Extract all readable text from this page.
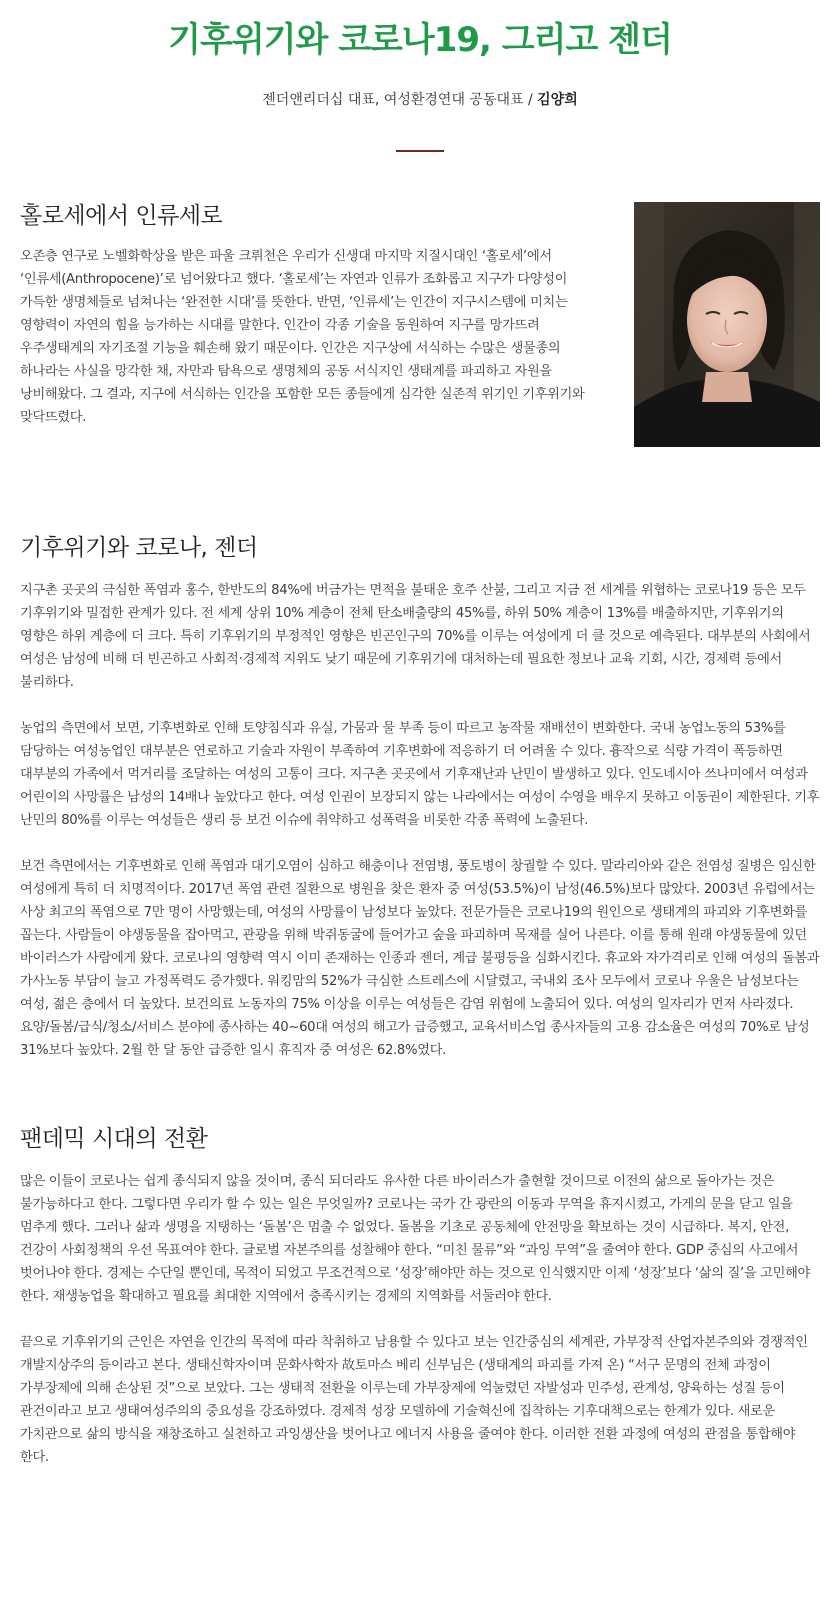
기후위기와 코로나19, 그리고 젠더
젠더앤리더십 대표, 여성환경연대 공동대표 / 김양희
홀로세에서 인류세로

오존층 연구로 노벨화학상을 받은 파울 크뤼천은 우리가 신생대 마지막 지질시대인 ‘홀로세’에서 ‘인류세(Anthropocene)’로 넘어왔다고 했다. ‘홀로세’는 자연과 인류가 조화롭고 지구가 다양성이 가득한 생명체들로 넘쳐나는 ‘완전한 시대’를 뜻한다. 반면, ‘인류세’는 인간이 지구시스템에 미치는 영향력이 자연의 힘을 능가하는 시대를 말한다. 인간이 각종 기술을 동원하여 지구를 망가뜨려 우주생태계의 자기조절 기능을 훼손해 왔기 때문이다. 인간은 지구상에 서식하는 수많은 생물종의 하나라는 사실을 망각한 채, 자만과 탐욕으로 생명체의 공동 서식지인 생태계를 파괴하고 자원을 낭비해왔다. 그 결과, 지구에 서식하는 인간을 포함한 모든 종들에게 심각한 실존적 위기인 기후위기와 맞닥뜨렸다.

기후위기와 코로나, 젠더

지구촌 곳곳의 극심한 폭염과 홍수, 한반도의 84%에 버금가는 면적을 불태운 호주 산불, 그리고 지금 전 세계를 위협하는 코로나19 등은 모두 기후위기와 밀접한 관계가 있다. 전 세계 상위 10% 계층이 전체 탄소배출량의 45%를, 하위 50% 계층이 13%를 배출하지만, 기후위기의 영향은 하위 계층에 더 크다. 특히 기후위기의 부정적인 영향은 빈곤인구의 70%를 이루는 여성에게 더 클 것으로 예측된다. 대부분의 사회에서 여성은 남성에 비해 더 빈곤하고 사회적·경제적 지위도 낮기 때문에 기후위기에 대처하는데 필요한 정보나 교육 기회, 시간, 경제력 등에서 불리하다.

농업의 측면에서 보면, 기후변화로 인해 토양침식과 유실, 가뭄과 물 부족 등이 따르고 농작물 재배선이 변화한다. 국내 농업노동의 53%를 담당하는 여성농업인 대부분은 연로하고 기술과 자원이 부족하여 기후변화에 적응하기 더 어려울 수 있다. 흉작으로 식량 가격이 폭등하면 대부분의 가족에서 먹거리를 조달하는 여성의 고통이 크다. 지구촌 곳곳에서 기후재난과 난민이 발생하고 있다. 인도네시아 쓰나미에서 여성과 어린이의 사망률은 남성의 14배나 높았다고 한다. 여성 인권이 보장되지 않는 나라에서는 여성이 수영을 배우지 못하고 이동권이 제한된다. 기후 난민의 80%를 이루는 여성들은 생리 등 보건 이슈에 취약하고 성폭력을 비롯한 각종 폭력에 노출된다.

보건 측면에서는 기후변화로 인해 폭염과 대기오염이 심하고 해충이나 전염병, 풍토병이 창궐할 수 있다. 말라리아와 같은 전염성 질병은 임신한 여성에게 특히 더 치명적이다. 2017년 폭염 관련 질환으로 병원을 찾은 환자 중 여성(53.5%)이 남성(46.5%)보다 많았다. 2003년 유럽에서는 사상 최고의 폭염으로 7만 명이 사망했는데, 여성의 사망률이 남성보다 높았다. 전문가들은 코로나19의 원인으로 생태계의 파괴와 기후변화를 꼽는다. 사람들이 야생동물을 잡아먹고, 관광을 위해 박쥐동굴에 들어가고 숲을 파괴하며 목재를 실어 나른다. 이를 통해 원래 야생동물에 있던 바이러스가 사람에게 왔다. 코로나의 영향력 역시 이미 존재하는 인종과 젠더, 계급 불평등을 심화시킨다. 휴교와 자가격리로 인해 여성의 돌봄과 가사노동 부담이 늘고 가정폭력도 증가했다. 워킹맘의 52%가 극심한 스트레스에 시달렸고, 국내외 조사 모두에서 코로나 우울은 남성보다는 여성, 젊은 층에서 더 높았다. 보건의료 노동자의 75% 이상을 이루는 여성들은 감염 위험에 노출되어 있다. 여성의 일자리가 먼저 사라졌다. 요양/돌봄/급식/청소/서비스 분야에 종사하는 40~60대 여성의 해고가 급증했고, 교육서비스업 종사자들의 고용 감소율은 여성의 70%로 남성 31%보다 높았다. 2월 한 달 동안 급증한 일시 휴직자 중 여성은 62.8%였다.

팬데믹 시대의 전환

많은 이들이 코로나는 쉽게 종식되지 않을 것이며, 종식 되더라도 유사한 다른 바이러스가 출현할 것이므로 이전의 삶으로 돌아가는 것은 불가능하다고 한다. 그렇다면 우리가 할 수 있는 일은 무엇일까? 코로나는 국가 간 광란의 이동과 무역을 휴지시켰고, 가게의 문을 닫고 일을 멈추게 했다. 그러나 삶과 생명을 지탱하는 ‘돌봄’은 멈출 수 없었다. 돌봄을 기초로 공동체에 안전망을 확보하는 것이 시급하다. 복지, 안전, 건강이 사회정책의 우선 목표여야 한다. 글로벌 자본주의를 성찰해야 한다. “미친 물류”와 “과잉 무역”을 줄여야 한다. GDP 중심의 사고에서 벗어나야 한다. 경제는 수단일 뿐인데, 목적이 되었고 무조건적으로 ‘성장’해야만 하는 것으로 인식했지만 이제 ‘성장’보다 ‘삶의 질’을 고민해야 한다. 재생농업을 확대하고 필요를 최대한 지역에서 충족시키는 경제의 지역화를 서둘러야 한다.

끝으로 기후위기의 근인은 자연을 인간의 목적에 따라 착취하고 남용할 수 있다고 보는 인간중심의 세계관, 가부장적 산업자본주의와 경쟁적인 개발지상주의 등이라고 본다. 생태신학자이며 문화사학자 故토마스 베리 신부님은 (생태계의 파괴를 가져 온) “서구 문명의 전체 과정이 가부장제에 의해 손상된 것”으로 보았다. 그는 생태적 전환을 이루는데 가부장제에 억눌렸던 자발성과 민주성, 관계성, 양육하는 성질 등이 관건이라고 보고 생태여성주의의 중요성을 강조하였다. 경제적 성장 모델하에 기술혁신에 집착하는 기후대책으로는 한계가 있다. 새로운 가치관으로 삶의 방식을 재창조하고 실천하고 과잉생산을 벗어나고 에너지 사용을 줄여야 한다. 이러한 전환 과정에 여성의 관점을 통합해야 한다.
